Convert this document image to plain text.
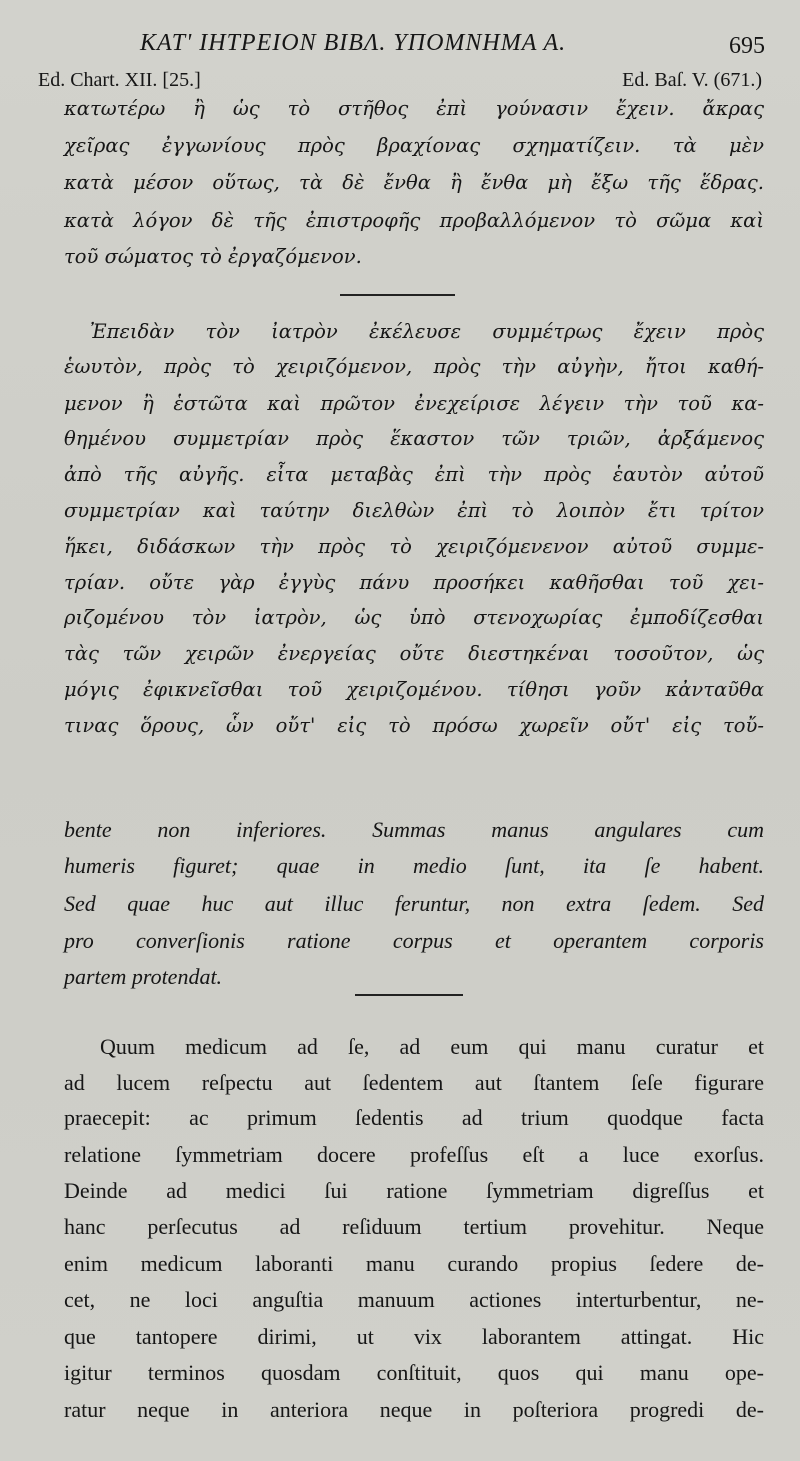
ΚΑΤ' ΙΗΤΡΕΙΟΝ ΒΙΒΛ. ΥΠΟΜΝΗΜΑ Α.	695
Ed. Chart. XII. [25.]	Ed. Baſ. V. (671.)
κατωτέρω ἢ ὡς τὸ στῆθος ἐπὶ γούνασιν ἔχειν. ἄκρας
χεῖρας ἐγγωνίους πρὸς βραχίονας σχηματίζειν. τὰ μὲν
κατὰ μέσον οὕτως, τὰ δὲ ἔνθα ἢ ἔνθα μὴ ἔξω τῆς ἕδρας.
κατὰ λόγον δὲ τῆς ἐπιστροφῆς προβαλλόμενον τὸ σῶμα καὶ
τοῦ σώματος τὸ ἐργαζόμενον.
Ἐπειδὰν τὸν ἰατρὸν ἐκέλευσε συμμέτρως ἔχειν πρὸς
ἑωυτὸν, πρὸς τὸ χειριζόμενον, πρὸς τὴν αὐγὴν, ἤτοι καθή-
μενον ἢ ἑστῶτα καὶ πρῶτον ἐνεχείρισε λέγειν τὴν τοῦ κα-
θημένου συμμετρίαν πρὸς ἕκαστον τῶν τριῶν, ἀρξάμενος
ἀπὸ τῆς αὐγῆς. εἶτα μεταβὰς ἐπὶ τὴν πρὸς ἑαυτὸν αὐτοῦ
συμμετρίαν καὶ ταύτην διελθὼν ἐπὶ τὸ λοιπὸν ἔτι τρίτον
ἥκει, διδάσκων τὴν πρὸς τὸ χειριζόμενενον αὐτοῦ συμμε-
τρίαν. οὔτε γὰρ ἐγγὺς πάνυ προσήκει καθῆσθαι τοῦ χει-
ριζομένου τὸν ἰατρὸν, ὡς ὑπὸ στενοχωρίας ἐμποδίζεσθαι
τὰς τῶν χειρῶν ἐνεργείας οὔτε διεστηκέναι τοσοῦτον, ὡς
μόγις ἐφικνεῖσθαι τοῦ χειριζομένου. τίθησι γοῦν κἀνταῦθα
τινας ὅρους, ὧν οὔτ' εἰς τὸ πρόσω χωρεῖν οὔτ' εἰς τοὔ-
bente non inferiores. Summas manus angulares cum
humeris figuret; quae in medio ſunt, ita ſe habent.
Sed quae huc aut illuc feruntur, non extra ſedem. Sed
pro converſionis ratione corpus et operantem corporis
partem protendat.
Quum medicum ad ſe, ad eum qui manu curatur et
ad lucem reſpectu aut ſedentem aut ſtantem ſeſe figurare
praecepit: ac primum ſedentis ad trium quodque facta
relatione ſymmetriam docere profeſſus eſt a luce exorſus.
Deinde ad medici ſui ratione ſymmetriam digreſſus et
hanc perſecutus ad reſiduum tertium provehitur. Neque
enim medicum laboranti manu curando propius ſedere de-
cet, ne loci anguſtia manuum actiones interturbentur, ne-
que tantopere dirimi, ut vix laborantem attingat. Hic
igitur terminos quosdam conſtituit, quos qui manu ope-
ratur neque in anteriora neque in poſteriora progredi de-
